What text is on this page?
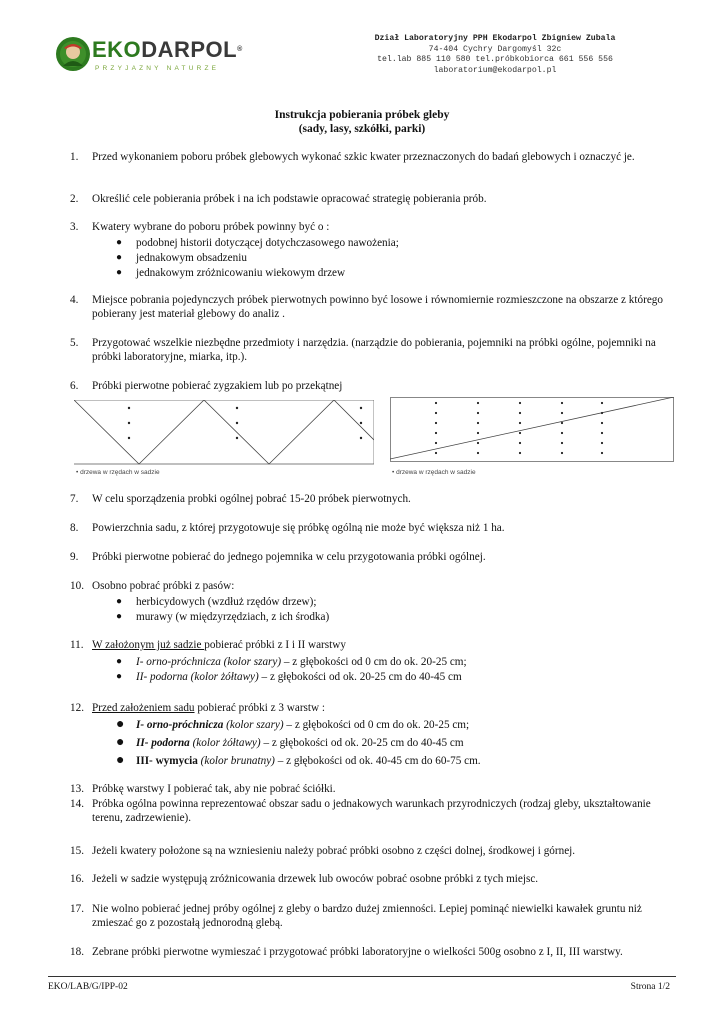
EKODARPOL®
PRZYJAZNY NATURZE
Dział Laboratoryjny PPH Ekodarpol Zbigniew Zubala
74-404 Cychry Dargomyśl 32c
tel.lab 885 110 580 tel.próbkobiorca 661 556 556
laboratorium@ekodarpol.pl
Instrukcja pobierania próbek gleby
(sady, lasy, szkółki, parki)
1.	Przed wykonaniem poboru próbek glebowych wykonać szkic kwater przeznaczonych do badań glebowych i oznaczyć je.
2.	Określić cele pobierania próbek i na ich podstawie opracować strategię pobierania prób.
3.	Kwatery wybrane do poboru próbek powinny być o :
● podobnej historii dotyczącej dotychczasowego nawożenia;
● jednakowym obsadzeniu
● jednakowym zróżnicowaniu wiekowym drzew
4.	Miejsce pobrania pojedynczych próbek pierwotnych powinno być losowe i równomiernie rozmieszczone na obszarze z którego pobierany jest materiał glebowy do analiz .
5.	Przygotować wszelkie niezbędne przedmioty i narzędzia. (narządzie do pobierania, pojemniki na próbki ogólne, pojemniki na próbki laboratoryjne, miarka, itp.).
6.	Próbki pierwotne pobierać zygzakiem lub po przekątnej
• drzewa w rzędach w sadzie	• drzewa w rzędach w sadzie
7.	W celu sporządzenia probki ogólnej pobrać 15-20 próbek pierwotnych.
8.	Powierzchnia sadu, z której przygotowuje się próbkę ogólną nie może być większa niż 1 ha.
9.	Próbki pierwotne pobierać do jednego pojemnika w celu przygotowania próbki ogólnej.
10. Osobno pobrać próbki z pasów:
● herbicydowych (wzdłuż rzędów drzew);
● murawy (w międzyrzędziach, z ich środka)
11. W założonym już sadzie pobierać próbki z I i II warstwy
● I- orno-próchnicza (kolor szary) – z głębokości od 0 cm do ok. 20-25 cm;
● II- podorna (kolor żółtawy) – z głębokości od ok. 20-25 cm do 40-45 cm
12. Przed założeniem sadu pobierać próbki z 3 warstw :
● I- orno-próchnicza (kolor szary) – z głębokości od 0 cm do ok. 20-25 cm;
● II- podorna (kolor żółtawy) – z głębokości od ok. 20-25 cm do 40-45 cm
● III- wymycia (kolor brunatny) – z głębokości od ok. 40-45 cm do 60-75 cm.
13. Próbkę warstwy I pobierać tak, aby nie pobrać ściółki.
14. Próbka ogólna powinna reprezentować obszar sadu o jednakowych warunkach przyrodniczych (rodzaj gleby, ukształtowanie terenu, zadrzewienie).
15. Jeżeli kwatery położone są na wzniesieniu należy pobrać próbki osobno z części dolnej, środkowej i górnej.
16. Jeżeli w sadzie występują zróżnicowania drzewek lub owoców pobrać osobne próbki z tych miejsc.
17. Nie wolno pobierać jednej próby ogólnej z gleby o bardzo dużej zmienności. Lepiej pominąć niewielki kawałek gruntu niż zmieszać go z pozostałą jednorodną glebą.
18. Zebrane próbki pierwotne wymieszać i przygotować próbki laboratoryjne o wielkości 500g osobno z I, II, III warstwy.
EKO/LAB/G/IPP-02	Strona 1/2
